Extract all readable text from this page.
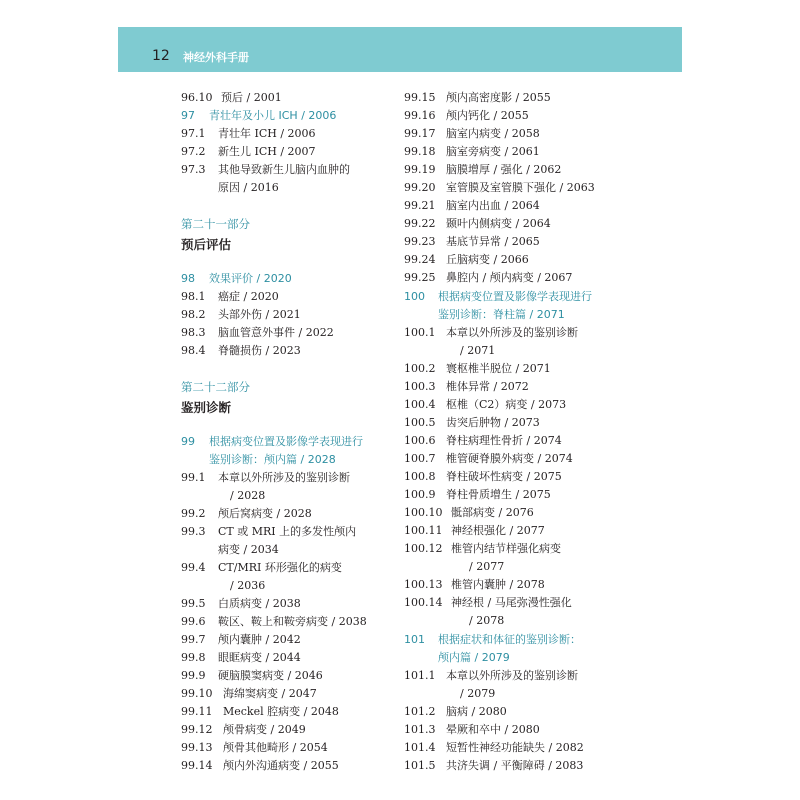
12 神经外科手册
96.10 预后 / 2001
97 青壮年及小儿 ICH / 2006
97.1 青壮年 ICH / 2006
97.2 新生儿 ICH / 2007
97.3 其他导致新生儿脑内血肿的
原因 / 2016
第二十一部分
预后评估
98 效果评价 / 2020
98.1 癌症 / 2020
98.2 头部外伤 / 2021
98.3 脑血管意外事件 / 2022
98.4 脊髓损伤 / 2023
第二十二部分
鉴别诊断
99 根据病变位置及影像学表现进行
鉴别诊断：颅内篇 / 2028
99.1 本章以外所涉及的鉴别诊断
/ 2028
99.2 颅后窝病变 / 2028
99.3 CT 或 MRI 上的多发性颅内
病变 / 2034
99.4 CT/MRI 环形强化的病变
/ 2036
99.5 白质病变 / 2038
99.6 鞍区、鞍上和鞍旁病变 / 2038
99.7 颅内囊肿 / 2042
99.8 眼眶病变 / 2044
99.9 硬脑膜窦病变 / 2046
99.10 海绵窦病变 / 2047
99.11 Meckel 腔病变 / 2048
99.12 颅骨病变 / 2049
99.13 颅骨其他畸形 / 2054
99.14 颅内外沟通病变 / 2055
99.15 颅内高密度影 / 2055
99.16 颅内钙化 / 2055
99.17 脑室内病变 / 2058
99.18 脑室旁病变 / 2061
99.19 脑膜增厚 / 强化 / 2062
99.20 室管膜及室管膜下强化 / 2063
99.21 脑室内出血 / 2064
99.22 颞叶内侧病变 / 2064
99.23 基底节异常 / 2065
99.24 丘脑病变 / 2066
99.25 鼻腔内 / 颅内病变 / 2067
100 根据病变位置及影像学表现进行
鉴别诊断：脊柱篇 / 2071
100.1 本章以外所涉及的鉴别诊断
/ 2071
100.2 寰枢椎半脱位 / 2071
100.3 椎体异常 / 2072
100.4 枢椎（C2）病变 / 2073
100.5 齿突后肿物 / 2073
100.6 脊柱病理性骨折 / 2074
100.7 椎管硬脊膜外病变 / 2074
100.8 脊柱破坏性病变 / 2075
100.9 脊柱骨质增生 / 2075
100.10 骶部病变 / 2076
100.11 神经根强化 / 2077
100.12 椎管内结节样强化病变
/ 2077
100.13 椎管内囊肿 / 2078
100.14 神经根 / 马尾弥漫性强化
/ 2078
101 根据症状和体征的鉴别诊断：
颅内篇 / 2079
101.1 本章以外所涉及的鉴别诊断
/ 2079
101.2 脑病 / 2080
101.3 晕厥和卒中 / 2080
101.4 短暂性神经功能缺失 / 2082
101.5 共济失调 / 平衡障碍 / 2083
